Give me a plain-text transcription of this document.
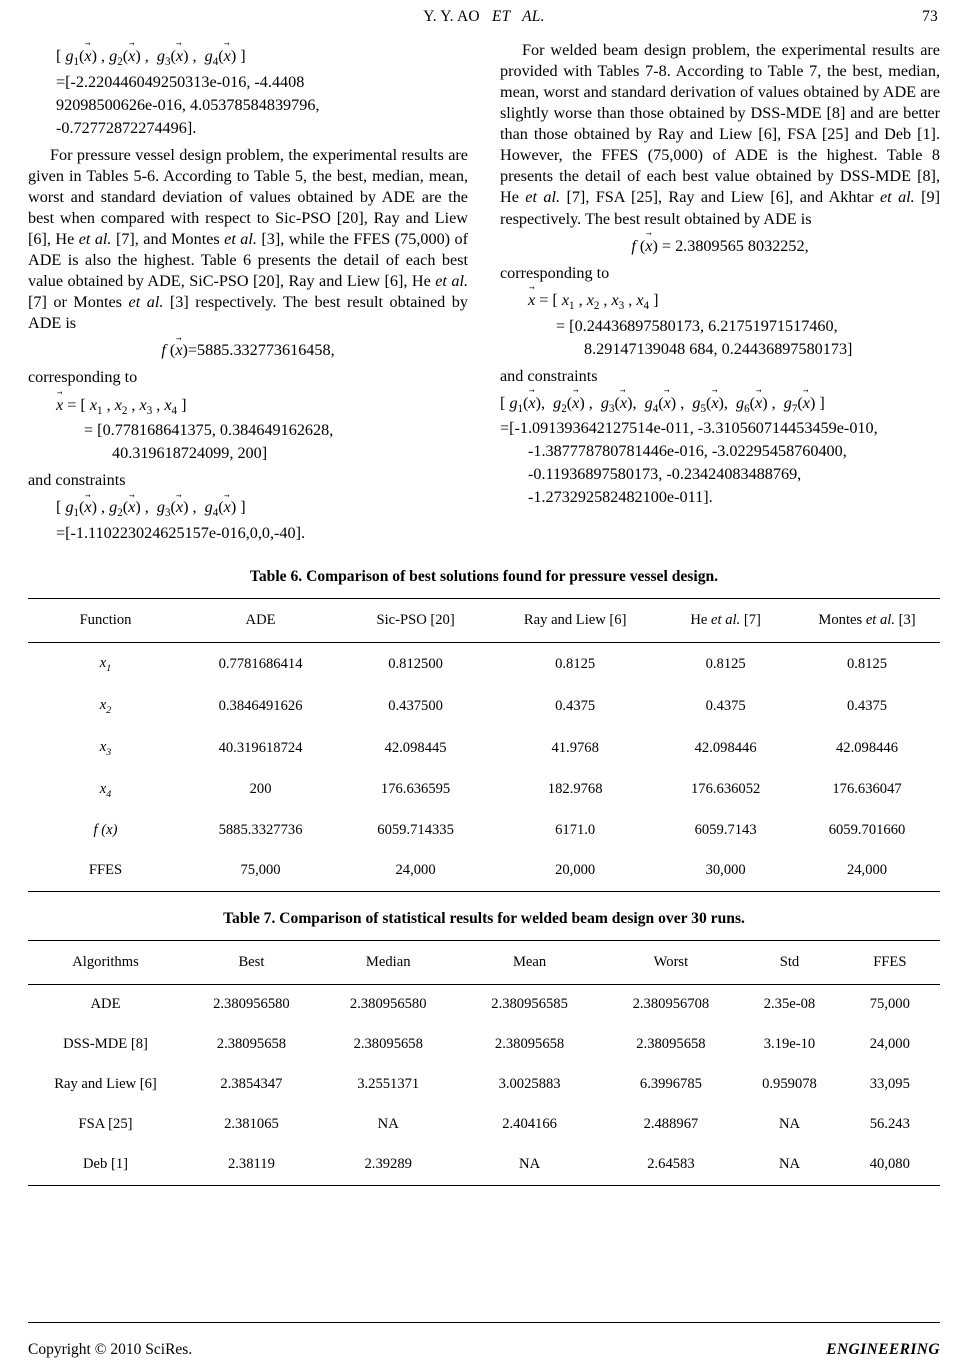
Y. Y. AO ET   AL.	73
[ $g_1(x$ →) , $g_2(x$ →) ,  $g_3(x$ →) ,  $g_4(x$ →) ]
=[-2.220446049250313e-016, -4.4408
92098500626e-016, 4.05378584839796,
-0.72772872274496].

For pressure vessel design problem, the experimental results are given in Tables 5-6. According to Table 5, the best, median, mean, worst and standard deviation of values obtained by ADE are the best when compared with respect to Sic-PSO [20], Ray and Liew [6], He et al. [7], and Montes et al. [3], while the FFES (75,000) of ADE is also the highest. Table 6 presents the detail of each best value obtained by ADE, SiC-PSO [20], Ray and Liew [6], He et al. [7] or Montes et al. [3] respectively. The best result obtained by ADE is

f (x →)=5885.332773616458,

corresponding to

x → = [ $x_1$ , $x_2$ , $x_3$ , $x_4$ ]
= [0.778168641375, 0.384649162628,
40.319618724099, 200]

and constraints

[ $g_1(x$ →) , $g_2(x$ →) ,  $g_3(x$ →) ,  $g_4(x$ →) ]
=[-1.110223024625157e-016,0,0,-40].

For welded beam design problem, the experimental results are provided with Tables 7-8. According to Table 7, the best, median, mean, worst and standard derivation of values obtained by ADE are slightly worse than those obtained by DSS-MDE [8] and are better than those obtained by Ray and Liew [6], FSA [25] and Deb [1]. However, the FFES (75,000) of ADE is the highest. Table 8 presents the detail of each best value obtained by DSS-MDE [8], He et al. [7], FSA [25], Ray and Liew [6], and Akhtar et al. [9] respectively. The best result obtained by ADE is

f (x →) = 2.3809565 8032252,

corresponding to

x → = [ $x_1$ , $x_2$ , $x_3$ , $x_4$ ]
= [0.24436897580173, 6.21751971517460,
8.29147139048 684, 0.24436897580173]

and constraints

[ $g_1(x$ →),  $g_2(x$ →) ,  $g_3(x$ →),  $g_4(x$ →) ,  $g_5(x$ →),  $g_6(x$ →) ,  $g_7(x$ →) ]
=[-1.091393642127514e-011, -3.310560714453459e-010,
-1.387778780781446e-016, -3.02295458760400,
-0.11936897580173, -0.23424083488769,
-1.273292582482100e-011].
Table 6. Comparison of best solutions found for pressure vessel design.
Function	ADE	Sic-PSO [20]	Ray and Liew [6]	He et al. [7]	Montes et al. [3]
$x_1$	0.7781686414	0.812500	0.8125	0.8125	0.8125
$x_2$	0.3846491626	0.437500	0.4375	0.4375	0.4375
$x_3$	40.319618724	42.098445	41.9768	42.098446	42.098446
$x_4$	200	176.636595	182.9768	176.636052	176.636047
f (x)	5885.3327736	6059.714335	6171.0	6059.7143	6059.701660
FFES	75,000	24,000	20,000	30,000	24,000
Table 7. Comparison of statistical results for welded beam design over 30 runs.
Algorithms	Best	Median	Mean	Worst	Std	FFES
ADE	2.380956580	2.380956580	2.380956585	2.380956708	2.35e-08	75,000
DSS-MDE [8]	2.38095658	2.38095658	2.38095658	2.38095658	3.19e-10	24,000
Ray and Liew [6]	2.3854347	3.2551371	3.0025883	6.3996785	0.959078	33,095
FSA [25]	2.381065	NA	2.404166	2.488967	NA	56.243
Deb [1]	2.38119	2.39289	NA	2.64583	NA	40,080
Copyright © 2010 SciRes.	ENGINEERING
